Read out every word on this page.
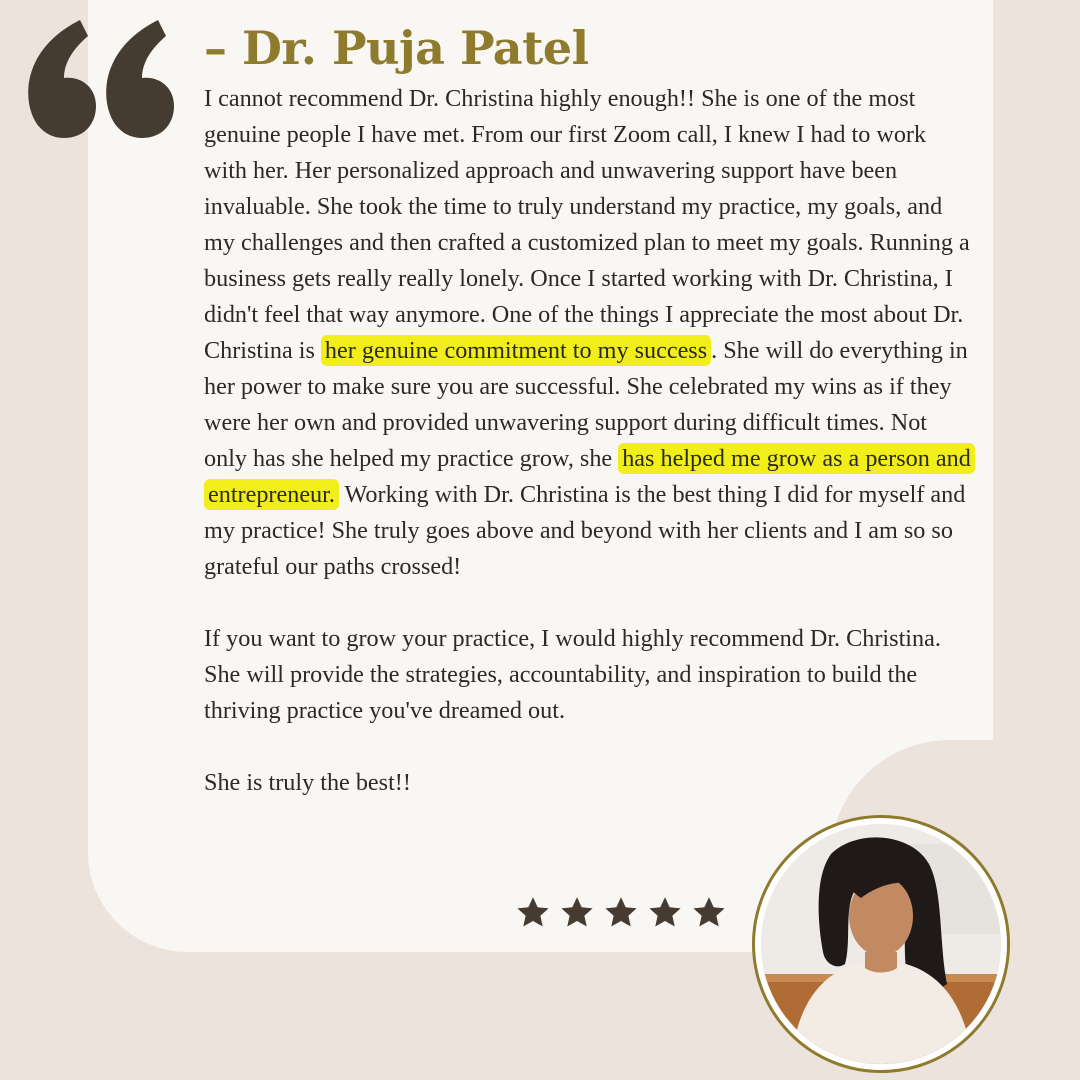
– Dr. Puja Patel

I cannot recommend Dr. Christina highly enough!! She is one of the most genuine people I have met. From our first Zoom call, I knew I had to work with her. Her personalized approach and unwavering support have been invaluable. She took the time to truly understand my practice, my goals, and my challenges and then crafted a customized plan to meet my goals. Running a business gets really really lonely. Once I started working with Dr. Christina, I didn't feel that way anymore. One of the things I appreciate the most about Dr. Christina is her genuine commitment to my success . She will do everything in her power to make sure you are successful. She celebrated my wins as if they were her own and provided unwavering support during difficult times. Not only has she helped my practice grow, she has helped me grow as a person and entrepreneur. Working with Dr. Christina is the best thing I did for myself and my practice! She truly goes above and beyond with her clients and I am so so grateful our paths crossed!

If you want to grow your practice, I would highly recommend Dr. Christina. She will provide the strategies, accountability, and inspiration to build the thriving practice you've dreamed out.

She is truly the best!!
